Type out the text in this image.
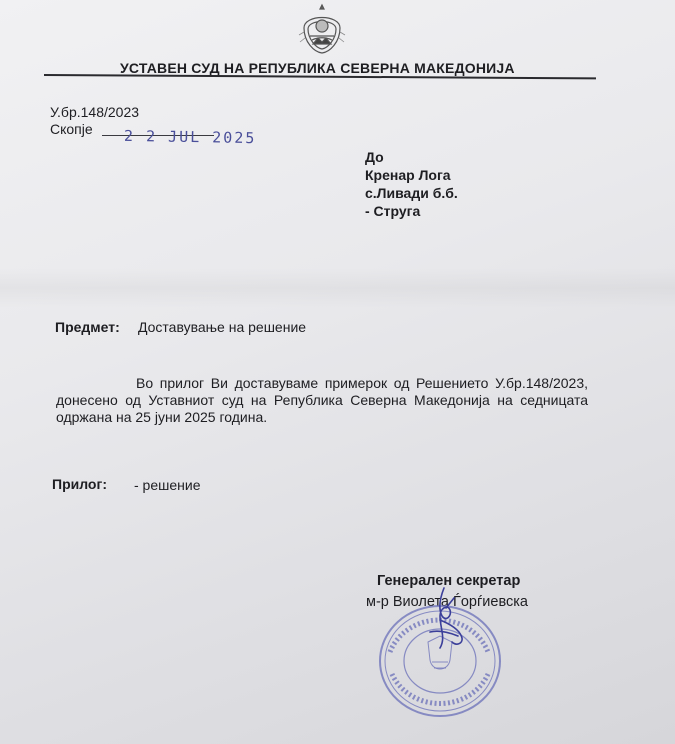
УСТАВЕН СУД НА РЕПУБЛИКА СЕВЕРНА МАКЕДОНИЈА
У.бр.148/2023
Скопје 2 2 JUL 2025
До
Кренар Лога
с.Ливади б.б.
- Струга
Предмет: Доставување на решение

Во прилог Ви доставуваме примерок од Решението У.бр.148/2023, донесено од Уставниот суд на Република Северна Македонија на седницата одржана на 25 јуни 2025 година.

Прилог: - решение
Генерален секретар
м-р Виолета Ѓорѓиевска
